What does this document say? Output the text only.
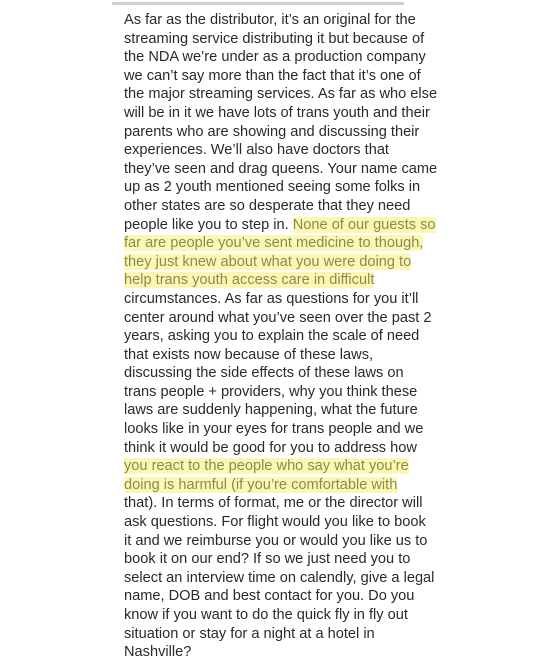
As far as the distributor, it’s an original for the
streaming service distributing it but because of
the NDA we’re under as a production company
we can’t say more than the fact that it’s one of
the major streaming services. As far as who else
will be in it we have lots of trans youth and their
parents who are showing and discussing their
experiences. We’ll also have doctors that
they’ve seen and drag queens. Your name came
up as 2 youth mentioned seeing some folks in
other states are so desperate that they need
people like you to step in. None of our guests so
far are people you’ve sent medicine to though,
they just knew about what you were doing to
help trans youth access care in difficult
circumstances. As far as questions for you it’ll
center around what you’ve seen over the past 2
years, asking you to explain the scale of need
that exists now because of these laws,
discussing the side effects of these laws on
trans people + providers, why you think these
laws are suddenly happening, what the future
looks like in your eyes for trans people and we
think it would be good for you to address how
you react to the people who say what you’re
doing is harmful (if you’re comfortable with
that). In terms of format, me or the director will
ask questions. For flight would you like to book
it and we reimburse you or would you like us to
book it on our end? If so we just need you to
select an interview time on calendly, give a legal
name, DOB and best contact for you. Do you
know if you want to do the quick fly in fly out
situation or stay for a night at a hotel in
Nashville?
